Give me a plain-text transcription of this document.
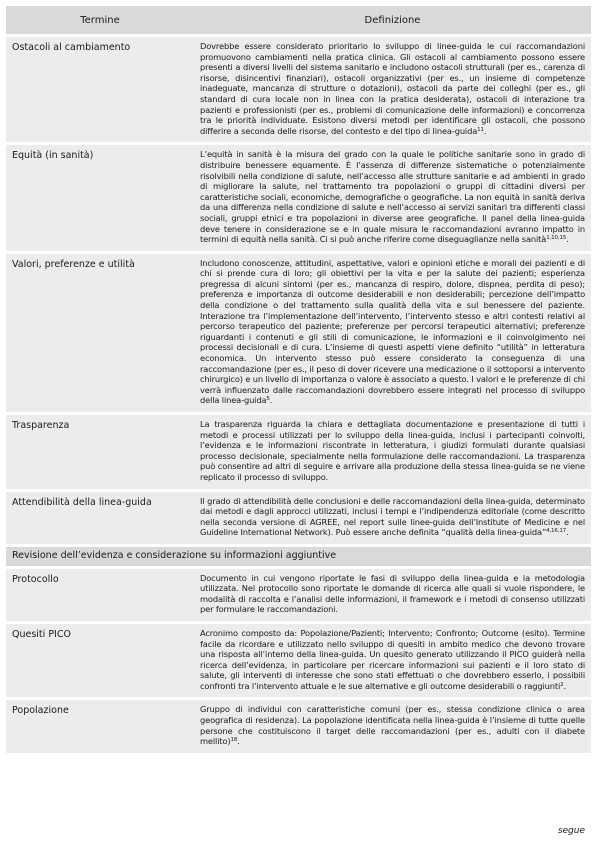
Termine	Definizione
Ostacoli al cambiamento	Dovrebbe essere considerato prioritario lo sviluppo di linee-guida le cui raccomandazioni promuovono cambiamenti nella pratica clinica. Gli ostacoli al cambiamento possono essere presenti a diversi livelli del sistema sanitario e includono ostacoli strutturali (per es., carenza di risorse, disincentivi finanziari), ostacoli organizzativi (per es., un insieme di competenze inadeguate, mancanza di strutture o dotazioni), ostacoli da parte dei colleghi (per es., gli standard di cura locale non in linea con la pratica desiderata), ostacoli di interazione tra pazienti e professionisti (per es., problemi di comunicazione delle informazioni) e concorrenza tra le priorità individuate. Esistono diversi metodi per identificare gli ostacoli, che possono differire a seconda delle risorse, del contesto e del tipo di linea-guida$^{11}$.
Equità (in sanità)	L’equità in sanità è la misura del grado con la quale le politiche sanitarie sono in grado di distribuire benessere equamente. È l’assenza di differenze sistematiche o potenzialmente risolvibili nella condizione di salute, nell’accesso alle strutture sanitarie e ad ambienti in grado di migliorare la salute, nel trattamento tra popolazioni o gruppi di cittadini diversi per caratteristiche sociali, economiche, demografiche o geografiche. La non equità in sanità deriva da una differenza nella condizione di salute e nell’accesso ai servizi sanitari tra differenti classi sociali, gruppi etnici e tra popolazioni in diverse aree geografiche. Il panel della linea-guida deve tenere in considerazione se e in quale misura le raccomandazioni avranno impatto in termini di equità nella sanità. Ci si può anche riferire come diseguaglianze nella sanità$^{1,10,15}$.
Valori, preferenze e utilità	Includono conoscenze, attitudini, aspettative, valori e opinioni etiche e morali dei pazienti e di chi si prende cura di loro; gli obiettivi per la vita e per la salute dei pazienti; esperienza pregressa di alcuni sintomi (per es., mancanza di respiro, dolore, dispnea, perdita di peso); preferenza e importanza di outcome desiderabili e non desiderabili; percezione dell’impatto della condizione o del trattamento sulla qualità della vita e sul benessere del paziente. Interazione tra l’implementazione dell’intervento, l’intervento stesso e altri contesti relativi al percorso terapeutico del paziente; preferenze per percorsi terapeutici alternativi; preferenze riguardanti i contenuti e gli stili di comunicazione, le informazioni e il coinvolgimento nei processi decisionali e di cura. L’insieme di questi aspetti viene definito “utilità” in letteratura economica. Un intervento stesso può essere considerato la conseguenza di una raccomandazione (per es., il peso di dover ricevere una medicazione o il sottoporsi a intervento chirurgico) e un livello di importanza o valore è associato a questo. I valori e le preferenze di chi verrà influenzato dalle raccomandazioni dovrebbero essere integrati nel processo di sviluppo della linea-guida$^5$.
Trasparenza	La trasparenza riguarda la chiara e dettagliata documentazione e presentazione di tutti i metodi e processi utilizzati per lo sviluppo della linea-guida, inclusi i partecipanti coinvolti, l’evidenza e le informazioni riscontrate in letteratura, i giudizi formulati durante qualsiasi processo decisionale, specialmente nella formulazione delle raccomandazioni. La trasparenza può consentire ad altri di seguire e arrivare alla produzione della stessa linea-guida se ne viene replicato il processo di sviluppo.
Attendibilità della linea-guida	Il grado di attendibilità delle conclusioni e delle raccomandazioni della linea-guida, determinato dai metodi e dagli approcci utilizzati, inclusi i tempi e l’indipendenza editoriale (come descritto nella seconda versione di AGREE, nel report sulle linee-guida dell’Institute of Medicine e nel Guideline International Network). Può essere anche definita “qualità della linea-guida”$^{4,16,17}$.
Revisione dell’evidenza e considerazione su informazioni aggiuntive	
Protocollo	Documento in cui vengono riportate le fasi di sviluppo della linea-guida e la metodologia utilizzata. Nel protocollo sono riportate le domande di ricerca alle quali si vuole rispondere, le modalità di raccolta e l’analisi delle informazioni, il framework e i metodi di consenso utilizzati per formulare le raccomandazioni.
Quesiti PICO	Acronimo composto da: Popolazione/Pazienti; Intervento; Confronto; Outcome (esito). Termine facile da ricordare e utilizzato nello sviluppo di quesiti in ambito medico che devono trovare una risposta all’interno della linea-guida. Un quesito generato utilizzando il PICO guiderà nella ricerca dell’evidenza, in particolare per ricercare informazioni sui pazienti e il loro stato di salute, gli interventi di interesse che sono stati effettuati o che dovrebbero esserlo, i possibili confronti tra l’intervento attuale e le sue alternative e gli outcome desiderabili o raggiunti$^2$.
Popolazione	Gruppo di individui con caratteristiche comuni (per es., stessa condizione clinica o area geografica di residenza). La popolazione identificata nella linea-guida è l’insieme di tutte quelle persone che costituiscono il target delle raccomandazioni (per es., adulti con il diabete mellito)$^{18}$.
segue
